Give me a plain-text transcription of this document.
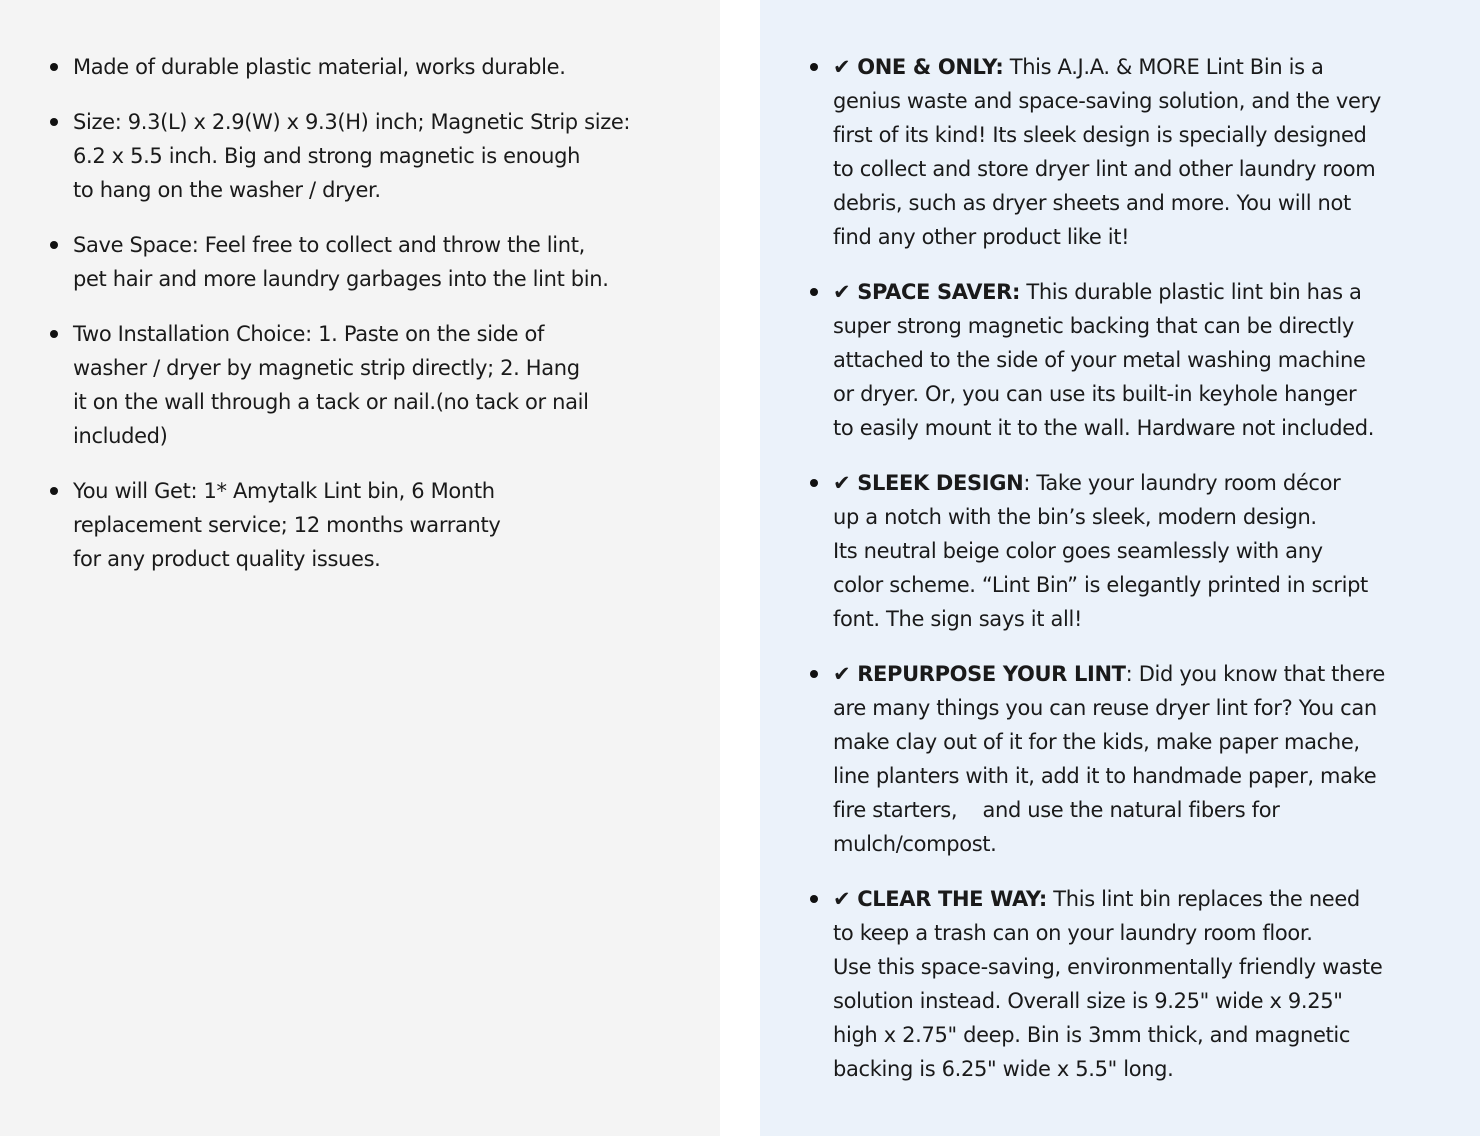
Made of durable plastic material, works durable.
Size: 9.3(L) x 2.9(W) x 9.3(H) inch; Magnetic Strip size:
6.2 x 5.5 inch. Big and strong magnetic is enough
to hang on the washer / dryer.
Save Space: Feel free to collect and throw the lint,
pet hair and more laundry garbages into the lint bin.
Two Installation Choice: 1. Paste on the side of
washer / dryer by magnetic strip directly; 2. Hang
it on the wall through a tack or nail.(no tack or nail
included)
You will Get: 1* Amytalk Lint bin, 6 Month
replacement service; 12 months warranty
for any product quality issues.
✔ ONE & ONLY: This A.J.A. & MORE Lint Bin is a
genius waste and space-saving solution, and the very
first of its kind! Its sleek design is specially designed
to collect and store dryer lint and other laundry room
debris, such as dryer sheets and more. You will not
find any other product like it!
✔ SPACE SAVER: This durable plastic lint bin has a
super strong magnetic backing that can be directly
attached to the side of your metal washing machine
or dryer. Or, you can use its built-in keyhole hanger
to easily mount it to the wall. Hardware not included.
✔ SLEEK DESIGN: Take your laundry room décor
up a notch with the bin’s sleek, modern design.
Its neutral beige color goes seamlessly with any
color scheme. “Lint Bin” is elegantly printed in script
font. The sign says it all!
✔ REPURPOSE YOUR LINT: Did you know that there
are many things you can reuse dryer lint for? You can
make clay out of it for the kids, make paper mache,
line planters with it, add it to handmade paper, make
fire starters,    and use the natural fibers for
mulch/compost.
✔ CLEAR THE WAY: This lint bin replaces the need
to keep a trash can on your laundry room floor.
Use this space-saving, environmentally friendly waste
solution instead. Overall size is 9.25" wide x 9.25"
high x 2.75" deep. Bin is 3mm thick, and magnetic
backing is 6.25" wide x 5.5" long.
